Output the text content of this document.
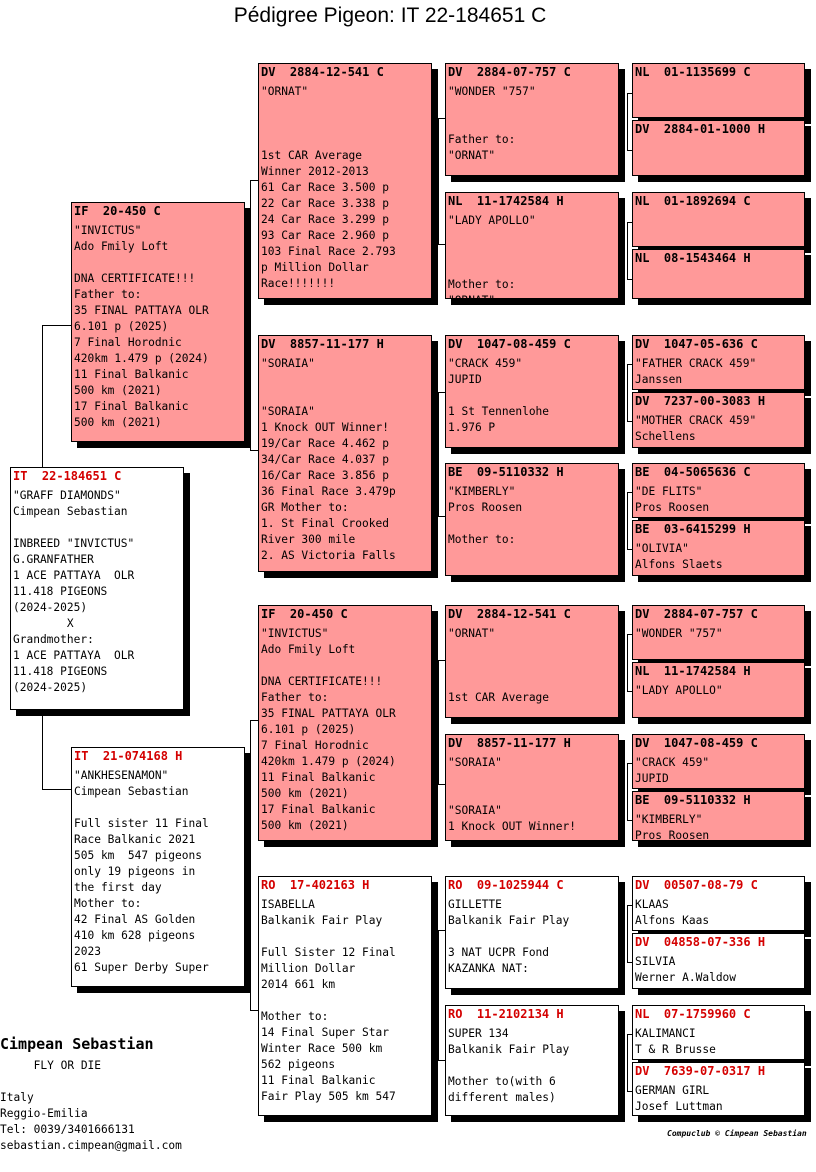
Pédigree Pigeon: IT 22-184651 C
IT  22-184651 C
"GRAFF DIAMONDS"
Cimpean Sebastian

INBREED "INVICTUS"
G.GRANFATHER
1 ACE PATTAYA  OLR
11.418 PIGEONS
(2024-2025)
X
Grandmother:
1 ACE PATTAYA  OLR
11.418 PIGEONS
(2024-2025)
IF  20-450 C
"INVICTUS"
Ado Fmily Loft

DNA CERTIFICATE!!!
Father to:
35 FINAL PATTAYA OLR
6.101 p (2025)
7 Final Horodnic
420km 1.479 p (2024)
11 Final Balkanic
500 km (2021)
17 Final Balkanic
500 km (2021)
IT  21-074168 H
"ANKHESENAMON"
Cimpean Sebastian

Full sister 11 Final
Race Balkanic 2021
505 km  547 pigeons
only 19 pigeons in
the first day
Mother to:
42 Final AS Golden
410 km 628 pigeons
2023
61 Super Derby Super
DV  2884-12-541 C
"ORNAT"

1st CAR Average
Winner 2012-2013
61 Car Race 3.500 p
22 Car Race 3.338 p
24 Car Race 3.299 p
93 Car Race 2.960 p
103 Final Race 2.793
p Million Dollar
Race!!!!!!!
DV  8857-11-177 H
"SORAIA"

"SORAIA"
1 Knock OUT Winner!
19/Car Race 4.462 p
34/Car Race 4.037 p
16/Car Race 3.856 p
36 Final Race 3.479p
GR Mother to:
1. St Final Crooked
River 300 mile
2. AS Victoria Falls
IF  20-450 C
"INVICTUS"
Ado Fmily Loft

DNA CERTIFICATE!!!
Father to:
35 FINAL PATTAYA OLR
6.101 p (2025)
7 Final Horodnic
420km 1.479 p (2024)
11 Final Balkanic
500 km (2021)
17 Final Balkanic
500 km (2021)
RO  17-402163 H
ISABELLA
Balkanik Fair Play

Full Sister 12 Final
Million Dollar
2014 661 km

Mother to:
14 Final Super Star
Winter Race 500 km
562 pigeons
11 Final Balkanic
Fair Play 505 km 547
DV  2884-07-757 C
"WONDER "757"

Father to:
"ORNAT"
NL  11-1742584 H
"LADY APOLLO"

Mother to:
"ORNAT"
DV  1047-08-459 C
"CRACK 459"
JUPID

1 St Tennenlohe
1.976 P
BE  09-5110332 H
"KIMBERLY"
Pros Roosen

Mother to:
DV  2884-12-541 C
"ORNAT"

1st CAR Average
DV  8857-11-177 H
"SORAIA"

"SORAIA"
1 Knock OUT Winner!
RO  09-1025944 C
GILLETTE
Balkanik Fair Play

3 NAT UCPR Fond
KAZANKA NAT:
RO  11-2102134 H
SUPER 134
Balkanik Fair Play

Mother to(with 6
different males)
NL  01-1135699 C
DV  2884-01-1000 H
NL  01-1892694 C
NL  08-1543464 H
DV  1047-05-636 C
"FATHER CRACK 459"
Janssen
DV  7237-00-3083 H
"MOTHER CRACK 459"
Schellens
BE  04-5065636 C
"DE FLITS"
Pros Roosen
BE  03-6415299 H
"OLIVIA"
Alfons Slaets
DV  2884-07-757 C
"WONDER "757"
NL  11-1742584 H
"LADY APOLLO"
DV  1047-08-459 C
"CRACK 459"
JUPID
BE  09-5110332 H
"KIMBERLY"
Pros Roosen
DV  00507-08-79 C
KLAAS
Alfons Kaas
DV  04858-07-336 H
SILVIA
Werner A.Waldow
NL  07-1759960 C
KALIMANCI
T & R Brusse
DV  7639-07-0317 H
GERMAN GIRL
Josef Luttman
Cimpean Sebastian
FLY OR DIE

Italy
Reggio-Emilia
Tel: 0039/3401666131
sebastian.cimpean@gmail.com
Compuclub © Cimpean Sebastian
